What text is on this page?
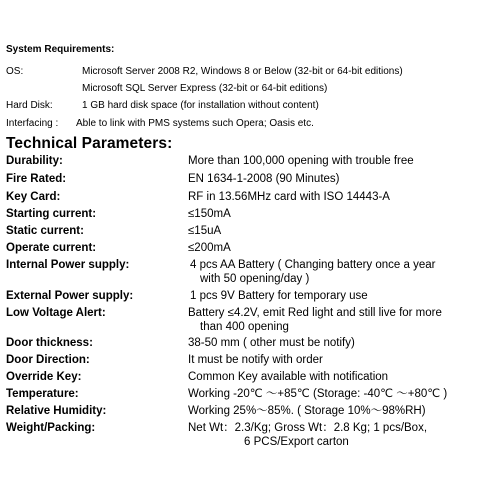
System Requirements:
OS:	Microsoft Server 2008 R2, Windows 8 or Below (32-bit or 64-bit editions)
Microsoft SQL Server Express (32-bit or 64-bit editions)
Hard Disk:	1 GB hard disk space (for installation without content)
Interfacing : Able to link with PMS systems such Opera; Oasis etc.
Technical Parameters:
Durability:	More than 100,000 opening with trouble free
Fire Rated:	EN 1634-1-2008 (90 Minutes)
Key Card:	RF in 13.56MHz card with ISO 14443-A
Starting current:	≤150mA
Static current:	≤15uA
Operate current:	≤200mA
Internal Power supply:	4 pcs AA Battery ( Changing battery once a year
with 50 opening/day )
External Power supply:	1 pcs 9V Battery for temporary use
Low Voltage Alert:	Battery ≤4.2V, emit Red light and still live for more
than 400 opening
Door thickness:	38-50 mm ( other must be notify)
Door Direction:	It must be notify with order
Override Key:	Common Key available with notification
Temperature:	Working -20℃ ～+85℃ (Storage: -40℃ ～+80℃ )
Relative Humidity:	Working 25%～85%. ( Storage 10%～98%RH)
Weight/Packing:	Net Wt：2.3/Kg; Gross Wt：2.8 Kg; 1 pcs/Box,
6 PCS/Export carton
